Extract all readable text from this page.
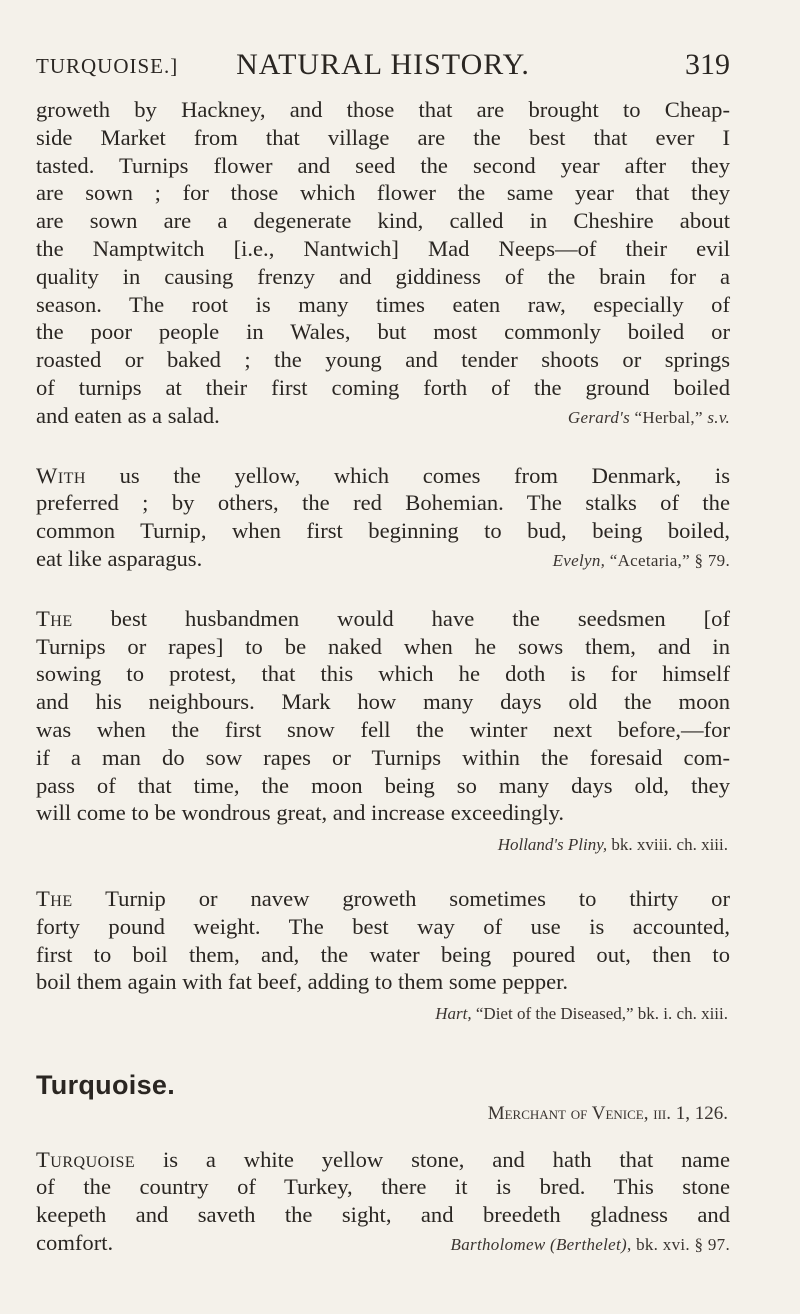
TURQUOISE.]	NATURAL HISTORY.	319
groweth by Hackney, and those that are brought to Cheap-
side Market from that village are the best that ever I
tasted. Turnips flower and seed the second year after they
are sown ; for those which flower the same year that they
are sown are a degenerate kind, called in Cheshire about
the Namptwitch [i.e., Nantwich] Mad Neeps—of their evil
quality in causing frenzy and giddiness of the brain for a
season. The root is many times eaten raw, especially of
the poor people in Wales, but most commonly boiled or
roasted or baked ; the young and tender shoots or springs
of turnips at their first coming forth of the ground boiled
and eaten as a salad.	Gerard's “Herbal,” s.v.
With us the yellow, which comes from Denmark, is
preferred ; by others, the red Bohemian. The stalks of the
common Turnip, when first beginning to bud, being boiled,
eat like asparagus.	Evelyn, “Acetaria,” § 79.
The best husbandmen would have the seedsmen [of
Turnips or rapes] to be naked when he sows them, and in
sowing to protest, that this which he doth is for himself
and his neighbours. Mark how many days old the moon
was when the first snow fell the winter next before,—for
if a man do sow rapes or Turnips within the foresaid com-
pass of that time, the moon being so many days old, they
will come to be wondrous great, and increase exceedingly.
Holland's Pliny, bk. xviii. ch. xiii.
The Turnip or navew groweth sometimes to thirty or
forty pound weight. The best way of use is accounted,
first to boil them, and, the water being poured out, then to
boil them again with fat beef, adding to them some pepper.
Hart, “Diet of the Diseased,” bk. i. ch. xiii.
Turquoise.
Merchant of Venice, iii. 1, 126.
Turquoise is a white yellow stone, and hath that name
of the country of Turkey, there it is bred. This stone
keepeth and saveth the sight, and breedeth gladness and
comfort.	Bartholomew (Berthelet), bk. xvi. § 97.
